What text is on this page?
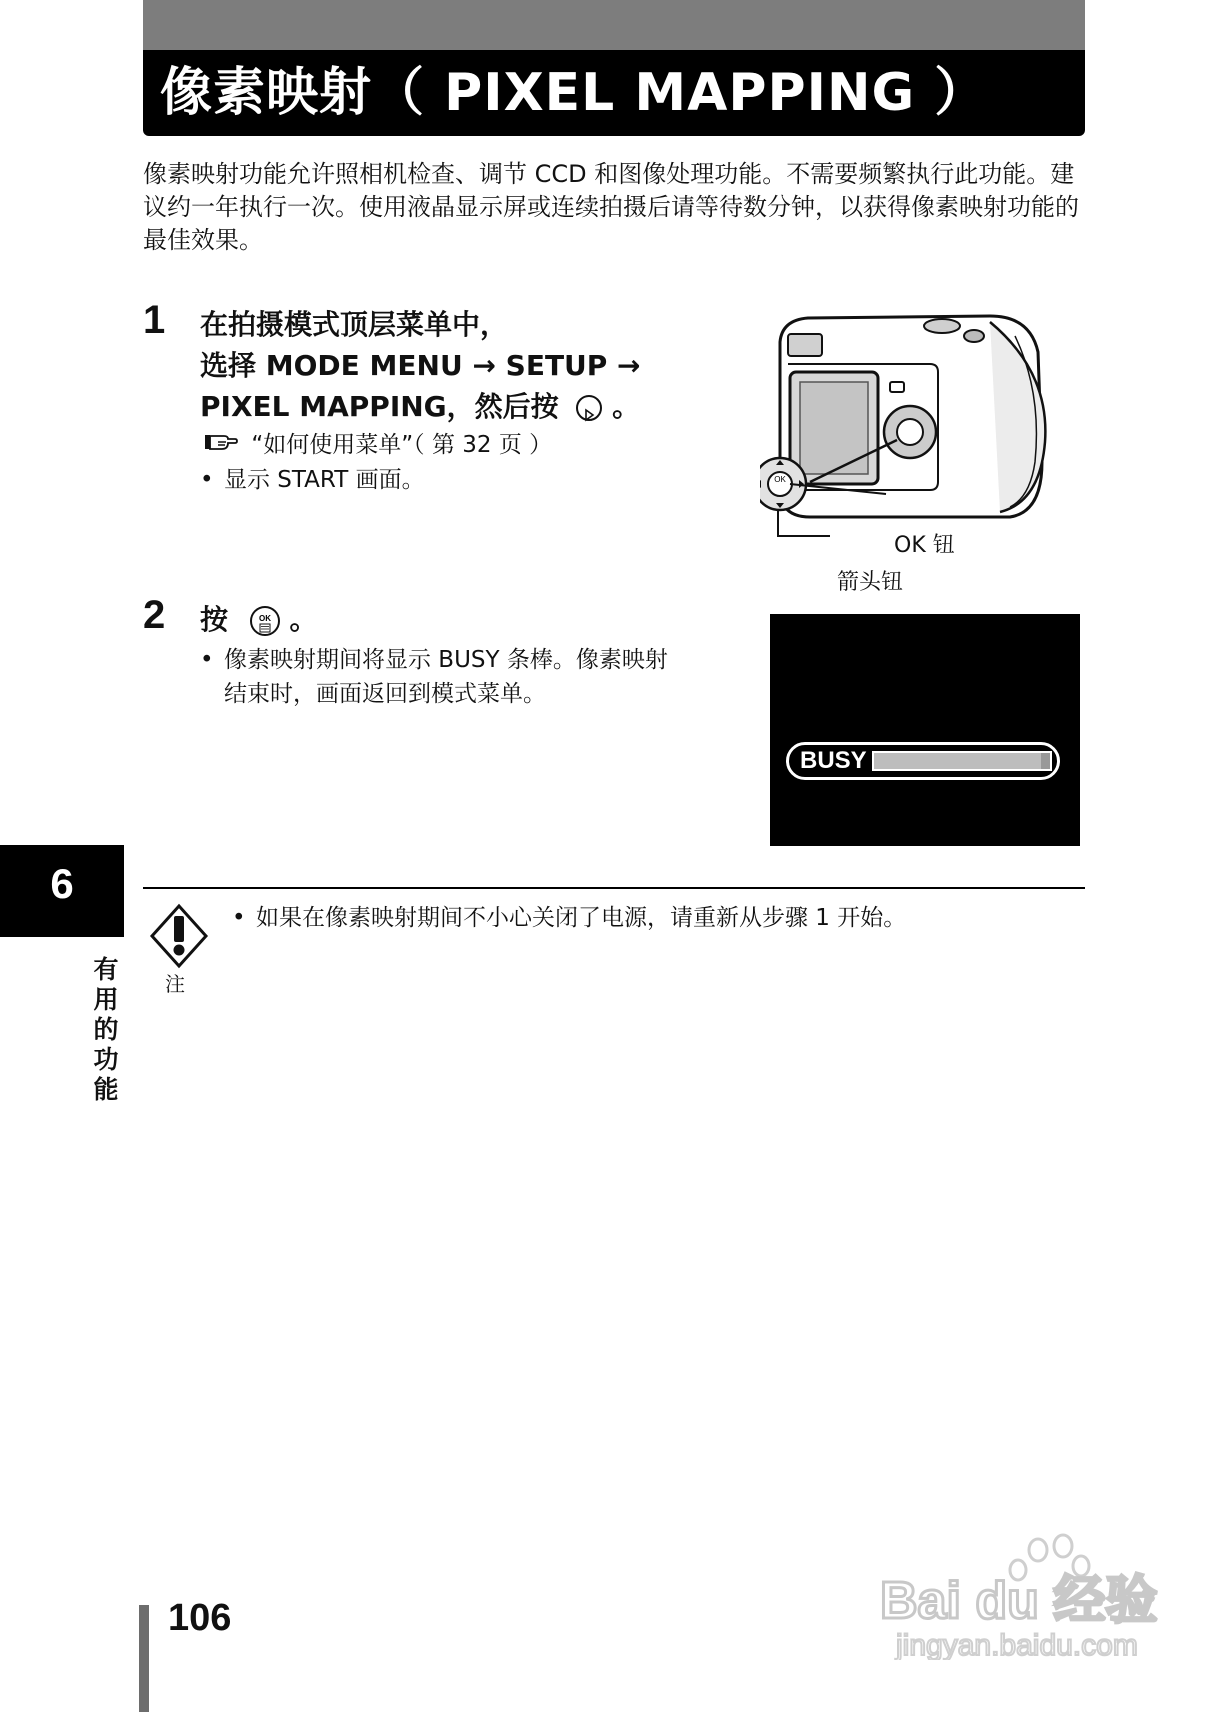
像素映射（ PIXEL MAPPING ）
像素映射功能允许照相机检查、调节 CCD 和图像处理功能。不需要频繁执行此功能。建议约一年执行一次。使用液晶显示屏或连续拍摄后请等待数分钟，以获得像素映射功能的最佳效果。
1 在拍摄模式顶层菜单中，
选择 MODE MENU → SETUP →
PIXEL MAPPING，然后按 。
“如何使用菜单”（ 第 32 页 ）
• 显示 START 画面。	OK
OK 钮
箭头钮
2 按	OK 。
• 像素映射期间将显示 BUSY 条棒。像素映射
结束时，画面返回到模式菜单。
BUSY
注
• 如果在像素映射期间不小心关闭了电源，请重新从步骤 1 开始。
6
有用的功能
106	Bai du 经验
jingyan.baidu.com
